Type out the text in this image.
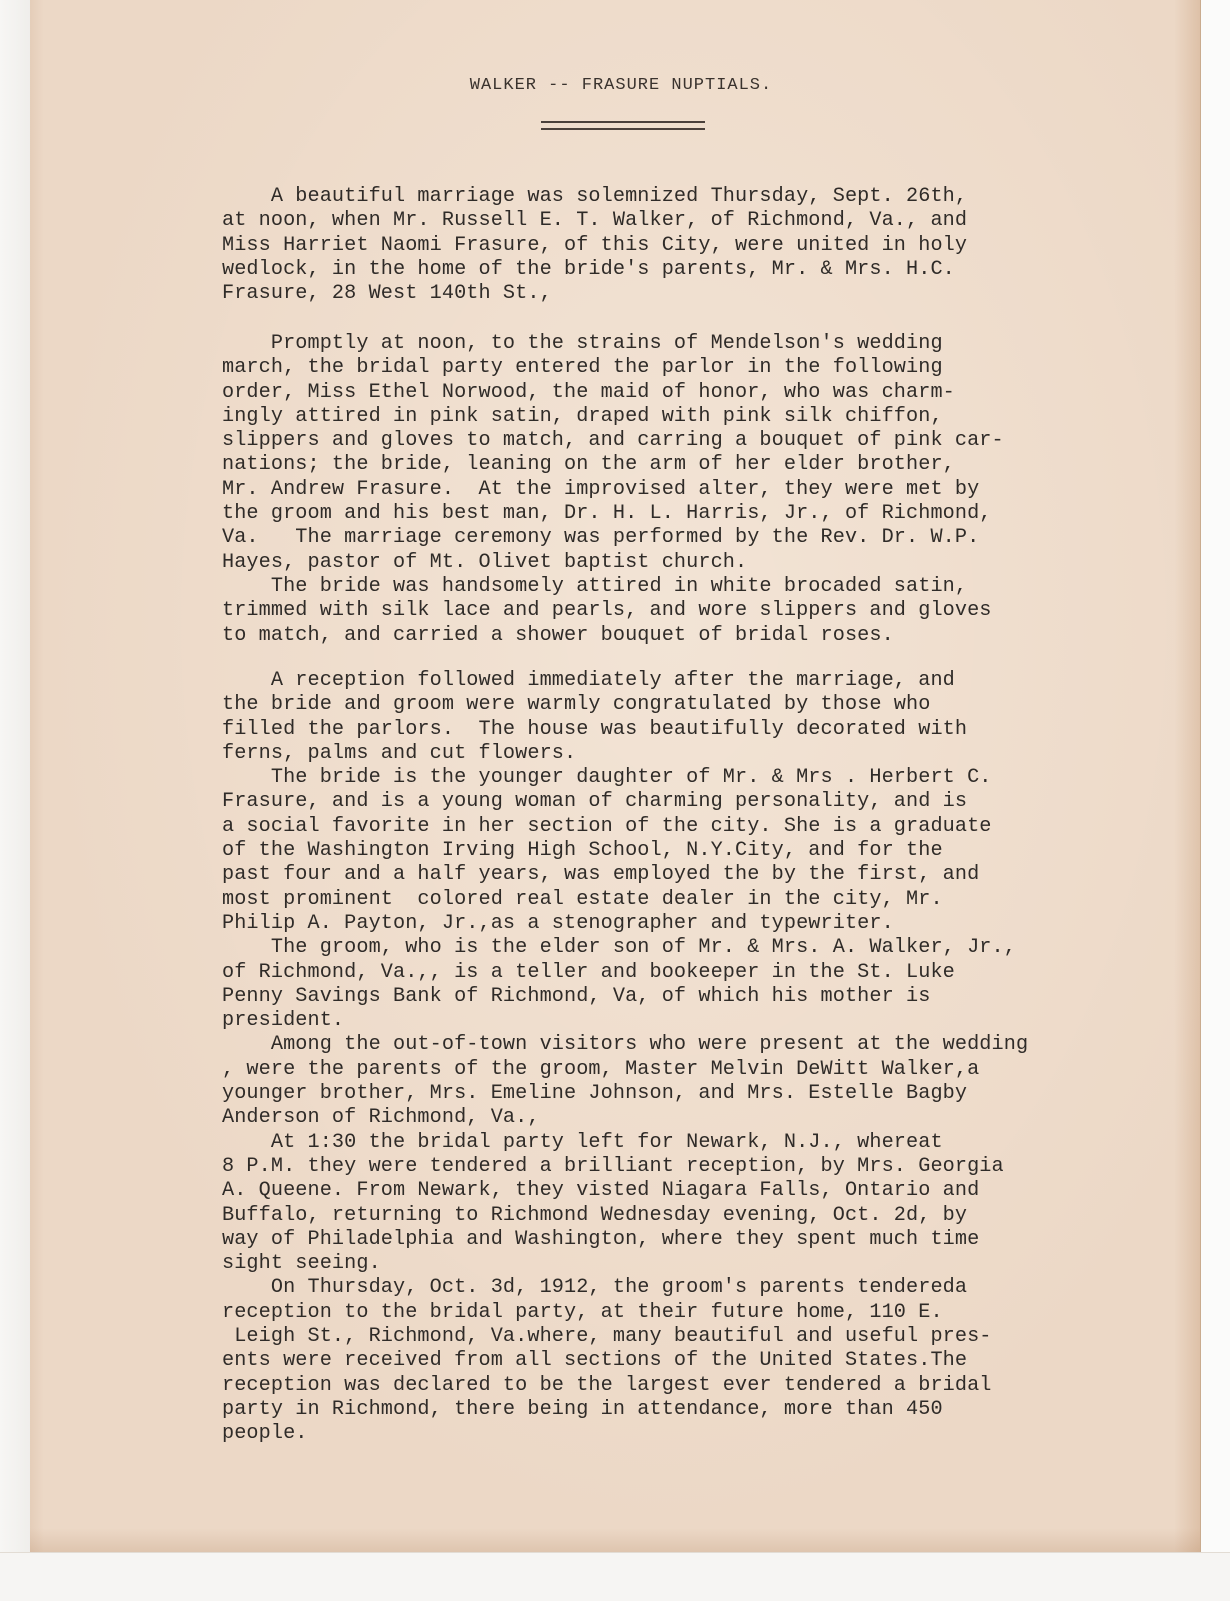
WALKER -- FRASURE NUPTIALS.
A beautiful marriage was solemnized Thursday, Sept. 26th,
at noon, when Mr. Russell E. T. Walker, of Richmond, Va., and
Miss Harriet Naomi Frasure, of this City, were united in holy
wedlock, in the home of the bride's parents, Mr. & Mrs. H.C.
Frasure, 28 West 140th St.,
Promptly at noon, to the strains of Mendelson's wedding
march, the bridal party entered the parlor in the following
order, Miss Ethel Norwood, the maid of honor, who was charm-
ingly attired in pink satin, draped with pink silk chiffon,
slippers and gloves to match, and carring a bouquet of pink car-
nations; the bride, leaning on the arm of her elder brother,
Mr. Andrew Frasure.  At the improvised alter, they were met by
the groom and his best man, Dr. H. L. Harris, Jr., of Richmond,
Va.   The marriage ceremony was performed by the Rev. Dr. W.P.
Hayes, pastor of Mt. Olivet baptist church.
The bride was handsomely attired in white brocaded satin,
trimmed with silk lace and pearls, and wore slippers and gloves
to match, and carried a shower bouquet of bridal roses.
A reception followed immediately after the marriage, and
the bride and groom were warmly congratulated by those who
filled the parlors.  The house was beautifully decorated with
ferns, palms and cut flowers.
The bride is the younger daughter of Mr. & Mrs . Herbert C.
Frasure, and is a young woman of charming personality, and is
a social favorite in her section of the city. She is a graduate
of the Washington Irving High School, N.Y.City, and for the
past four and a half years, was employed the by the first, and
most prominent  colored real estate dealer in the city, Mr.
Philip A. Payton, Jr.,as a stenographer and typewriter.
The groom, who is the elder son of Mr. & Mrs. A. Walker, Jr.,
of Richmond, Va.,, is a teller and bookeeper in the St. Luke
Penny Savings Bank of Richmond, Va, of which his mother is
president.
Among the out-of-town visitors who were present at the wedding
, were the parents of the groom, Master Melvin DeWitt Walker,a
younger brother, Mrs. Emeline Johnson, and Mrs. Estelle Bagby
Anderson of Richmond, Va.,
At 1:30 the bridal party left for Newark, N.J., whereat
8 P.M. they were tendered a brilliant reception, by Mrs. Georgia
A. Queene. From Newark, they visted Niagara Falls, Ontario and
Buffalo, returning to Richmond Wednesday evening, Oct. 2d, by
way of Philadelphia and Washington, where they spent much time
sight seeing.
On Thursday, Oct. 3d, 1912, the groom's parents tendereda
reception to the bridal party, at their future home, 110 E.
Leigh St., Richmond, Va.where, many beautiful and useful pres-
ents were received from all sections of the United States.The
reception was declared to be the largest ever tendered a bridal
party in Richmond, there being in attendance, more than 450
people.
